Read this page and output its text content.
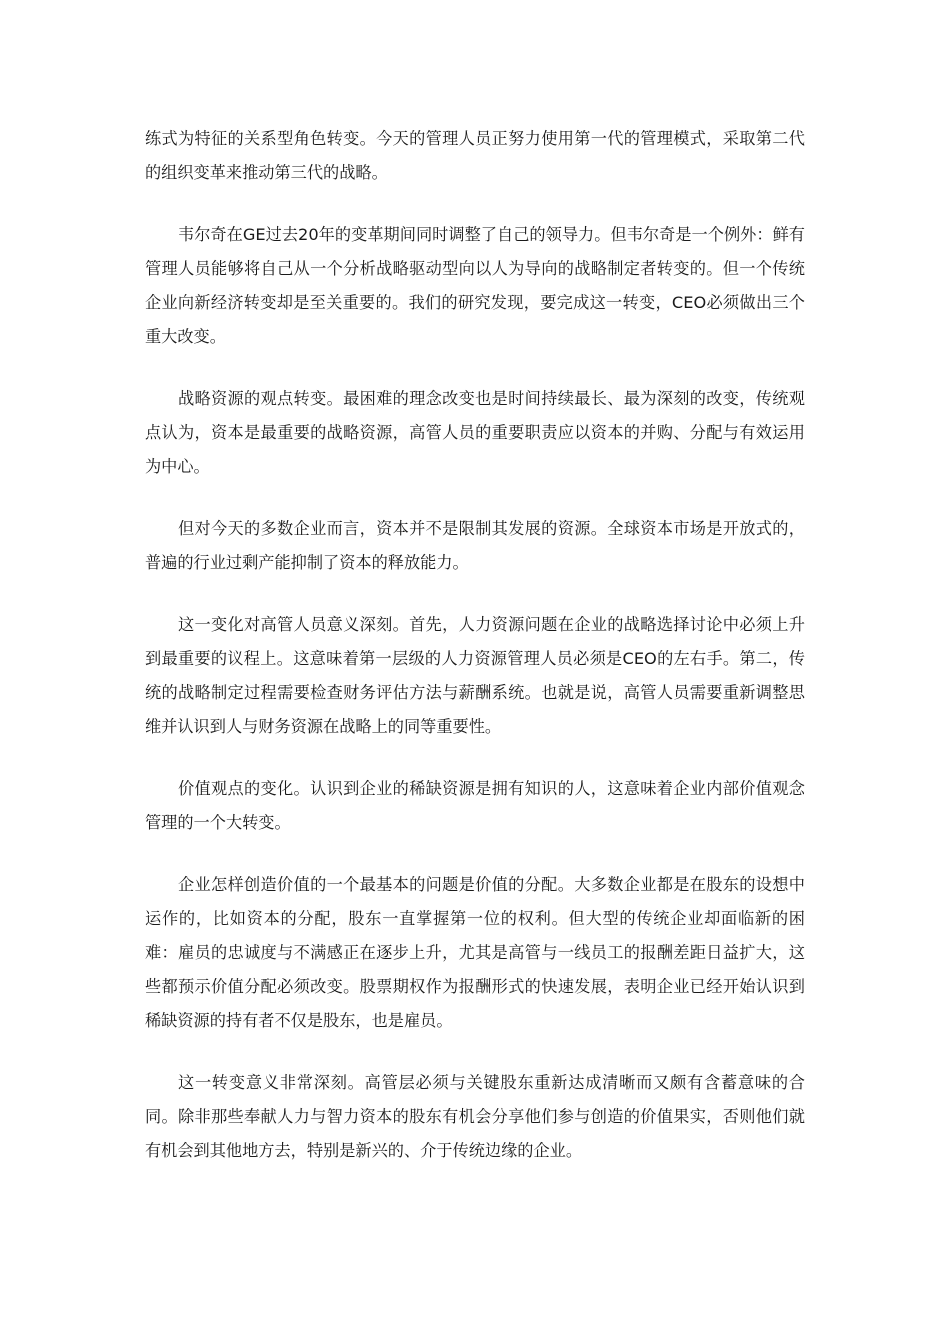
练式为特征的关系型角色转变。今天的管理人员正努力使用第一代的管理模式，采取第二代的组织变革来推动第三代的战略。

韦尔奇在GE过去20年的变革期间同时调整了自己的领导力。但韦尔奇是一个例外：鲜有管理人员能够将自己从一个分析战略驱动型向以人为导向的战略制定者转变的。但一个传统企业向新经济转变却是至关重要的。我们的研究发现，要完成这一转变，CEO必须做出三个重大改变。

战略资源的观点转变。最困难的理念改变也是时间持续最长、最为深刻的改变，传统观点认为，资本是最重要的战略资源，高管人员的重要职责应以资本的并购、分配与有效运用为中心。

但对今天的多数企业而言，资本并不是限制其发展的资源。全球资本市场是开放式的，普遍的行业过剩产能抑制了资本的释放能力。

这一变化对高管人员意义深刻。首先，人力资源问题在企业的战略选择讨论中必须上升到最重要的议程上。这意味着第一层级的人力资源管理人员必须是CEO的左右手。第二，传统的战略制定过程需要检查财务评估方法与薪酬系统。也就是说，高管人员需要重新调整思维并认识到人与财务资源在战略上的同等重要性。

价值观点的变化。认识到企业的稀缺资源是拥有知识的人，这意味着企业内部价值观念管理的一个大转变。

企业怎样创造价值的一个最基本的问题是价值的分配。大多数企业都是在股东的设想中运作的，比如资本的分配，股东一直掌握第一位的权利。但大型的传统企业却面临新的困难：雇员的忠诚度与不满感正在逐步上升，尤其是高管与一线员工的报酬差距日益扩大，这些都预示价值分配必须改变。股票期权作为报酬形式的快速发展，表明企业已经开始认识到稀缺资源的持有者不仅是股东，也是雇员。

这一转变意义非常深刻。高管层必须与关键股东重新达成清晰而又颇有含蓄意味的合同。除非那些奉献人力与智力资本的股东有机会分享他们参与创造的价值果实，否则他们就有机会到其他地方去，特别是新兴的、介于传统边缘的企业。
